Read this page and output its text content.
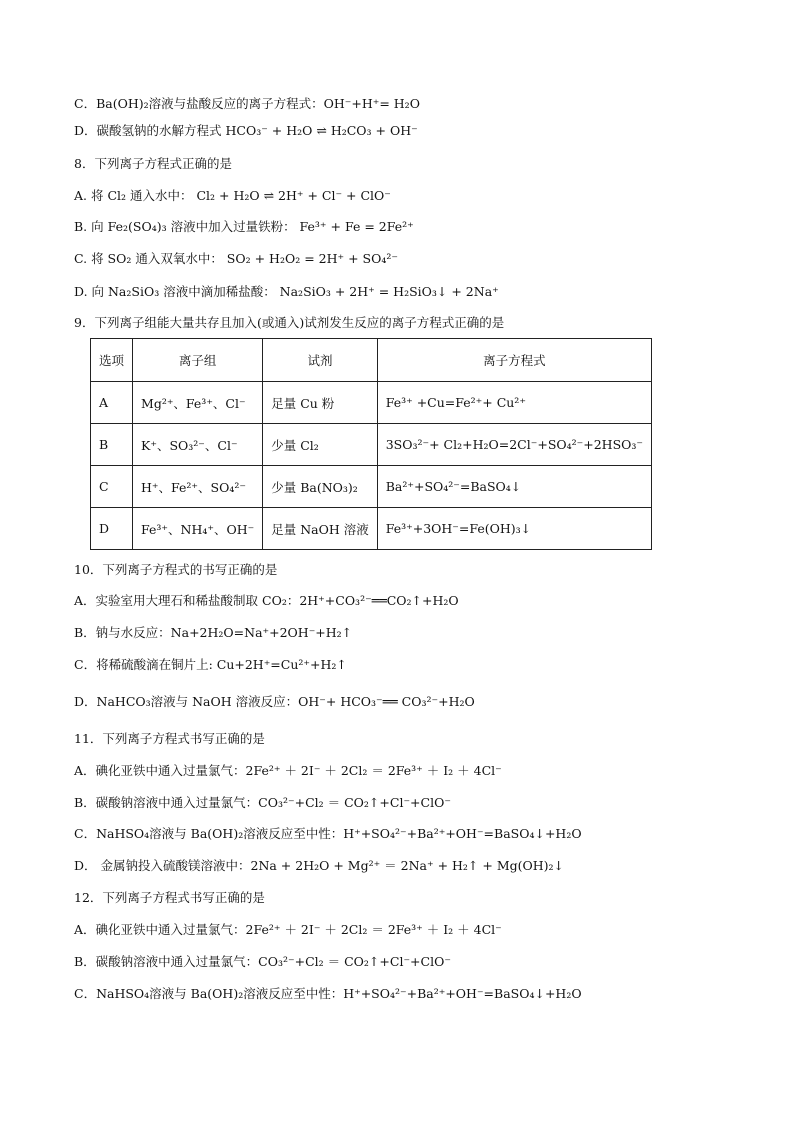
C．Ba(OH)₂溶液与盐酸反应的离子方程式：OH⁻+H⁺= H₂O
D．碳酸氢钠的水解方程式 HCO₃⁻ + H₂O ⇌ H₂CO₃ + OH⁻
8．下列离子方程式正确的是
A. 将 Cl₂ 通入水中： Cl₂ + H₂O ⇌ 2H⁺ + Cl⁻ + ClO⁻
B. 向 Fe₂(SO₄)₃ 溶液中加入过量铁粉： Fe³⁺ + Fe = 2Fe²⁺
C. 将 SO₂ 通入双氧水中： SO₂ + H₂O₂ = 2H⁺ + SO₄²⁻
D. 向 Na₂SiO₃ 溶液中滴加稀盐酸： Na₂SiO₃ + 2H⁺ = H₂SiO₃↓ + 2Na⁺
9．下列离子组能大量共存且加入(或通入)试剂发生反应的离子方程式正确的是
选项	离子组	试剂	离子方程式
A	Mg²⁺、Fe³⁺、Cl⁻	足量 Cu 粉	Fe³⁺ +Cu=Fe²⁺+ Cu²⁺
B	K⁺、SO₃²⁻、Cl⁻	少量 Cl₂	3SO₃²⁻+ Cl₂+H₂O=2Cl⁻+SO₄²⁻+2HSO₃⁻
C	H⁺、Fe²⁺、SO₄²⁻	少量 Ba(NO₃)₂	Ba²⁺+SO₄²⁻=BaSO₄↓
D	Fe³⁺、NH₄⁺、OH⁻	足量 NaOH 溶液	Fe³⁺+3OH⁻=Fe(OH)₃↓
10．下列离子方程式的书写正确的是
A．实验室用大理石和稀盐酸制取 CO₂：2H⁺+CO₃²⁻══CO₂↑+H₂O
B．钠与水反应：Na+2H₂O=Na⁺+2OH⁻+H₂↑
C．将稀硫酸滴在铜片上: Cu+2H⁺=Cu²⁺+H₂↑
D．NaHCO₃溶液与 NaOH 溶液反应：OH⁻+ HCO₃⁻══ CO₃²⁻+H₂O
11．下列离子方程式书写正确的是
A．碘化亚铁中通入过量氯气：2Fe²⁺ ＋ 2I⁻ ＋ 2Cl₂ ＝ 2Fe³⁺ ＋ I₂ ＋ 4Cl⁻
B．碳酸钠溶液中通入过量氯气：CO₃²⁻+Cl₂ ＝ CO₂↑+Cl⁻+ClO⁻
C．NaHSO₄溶液与 Ba(OH)₂溶液反应至中性：H⁺+SO₄²⁻+Ba²⁺+OH⁻=BaSO₄↓+H₂O
D． 金属钠投入硫酸镁溶液中：2Na + 2H₂O + Mg²⁺ ＝ 2Na⁺ + H₂↑ + Mg(OH)₂↓
12．下列离子方程式书写正确的是
A．碘化亚铁中通入过量氯气：2Fe²⁺ ＋ 2I⁻ ＋ 2Cl₂ ＝ 2Fe³⁺ ＋ I₂ ＋ 4Cl⁻
B．碳酸钠溶液中通入过量氯气：CO₃²⁻+Cl₂ ＝ CO₂↑+Cl⁻+ClO⁻
C．NaHSO₄溶液与 Ba(OH)₂溶液反应至中性：H⁺+SO₄²⁻+Ba²⁺+OH⁻=BaSO₄↓+H₂O
